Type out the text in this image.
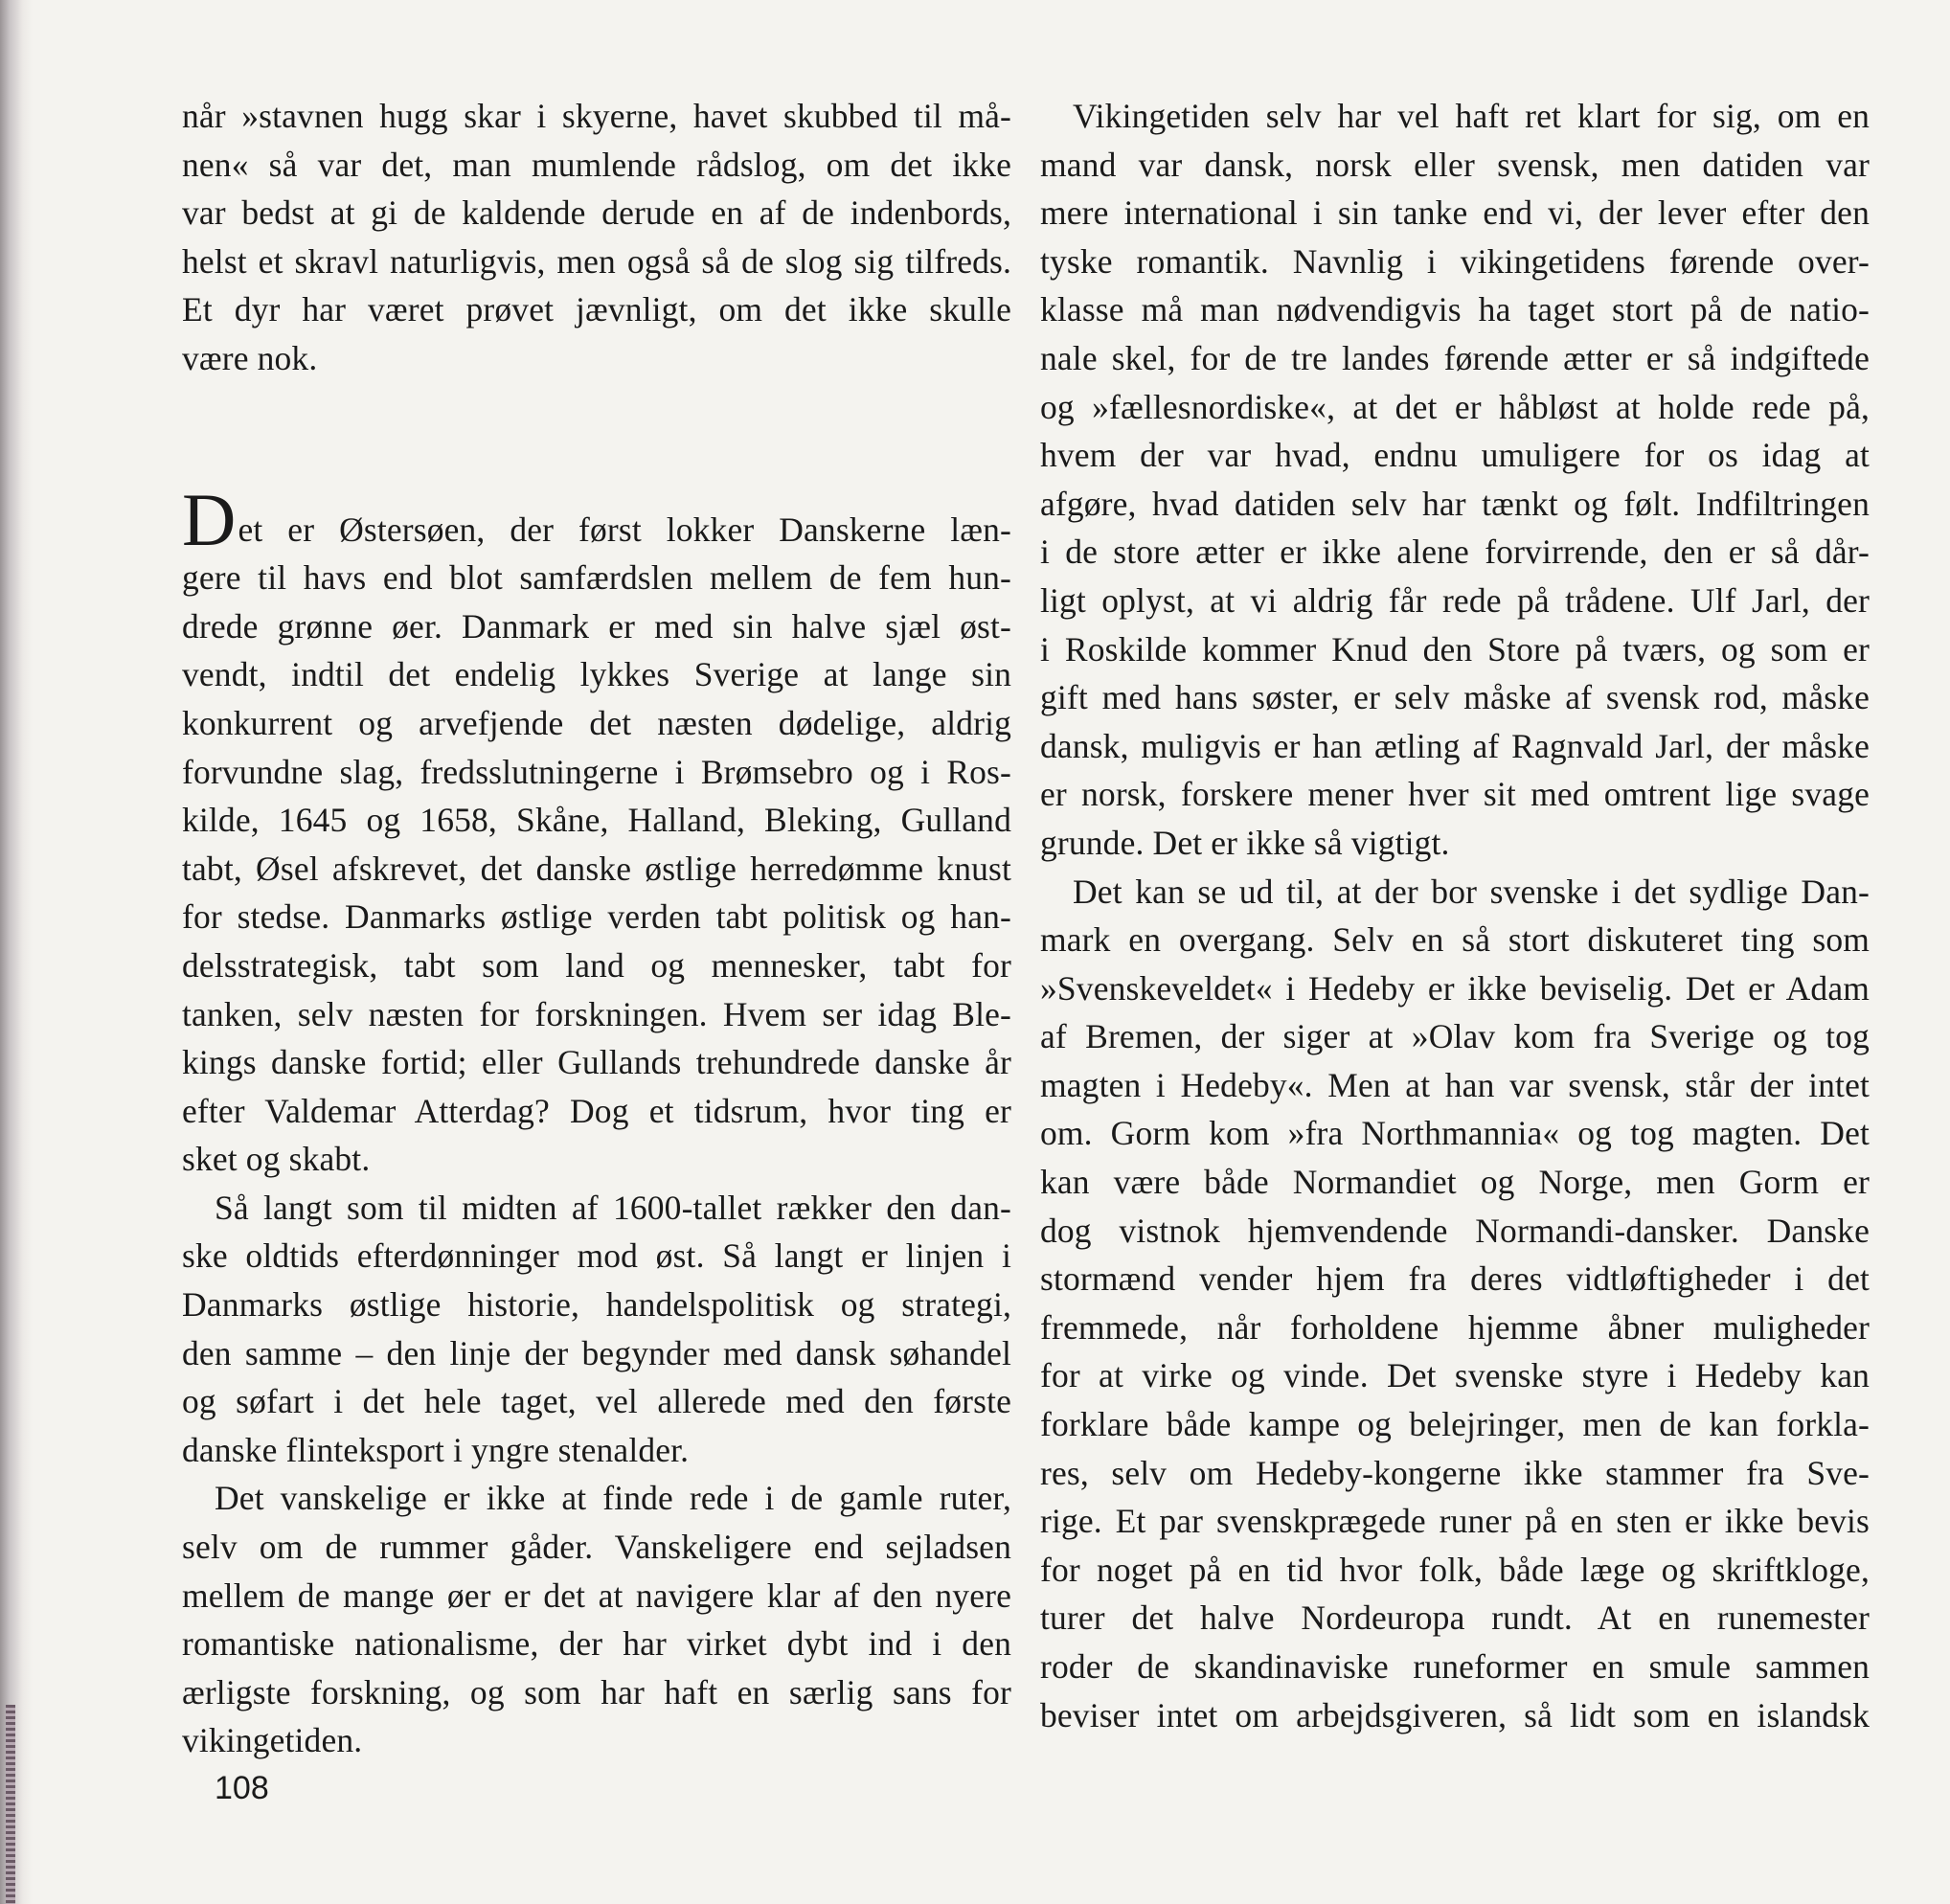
når »stavnen hugg skar i skyerne, havet skubbed til må-
nen« så var det, man mumlende rådslog, om det ikke
var bedst at gi de kaldende derude en af de indenbords,
helst et skravl naturligvis, men også så de slog sig tilfreds.
Et dyr har været prøvet jævnligt, om det ikke skulle
være nok.
Det er Østersøen, der først lokker Danskerne læn-
gere til havs end blot samfærdslen mellem de fem hun-
drede grønne øer. Danmark er med sin halve sjæl øst-
vendt, indtil det endelig lykkes Sverige at lange sin
konkurrent og arvefjende det næsten dødelige, aldrig
forvundne slag, fredsslutningerne i Brømsebro og i Ros-
kilde, 1645 og 1658, Skåne, Halland, Bleking, Gulland
tabt, Øsel afskrevet, det danske østlige herredømme knust
for stedse. Danmarks østlige verden tabt politisk og han-
delsstrategisk, tabt som land og mennesker, tabt for
tanken, selv næsten for forskningen. Hvem ser idag Ble-
kings danske fortid; eller Gullands trehundrede danske år
efter Valdemar Atterdag? Dog et tidsrum, hvor ting er
sket og skabt.
Så langt som til midten af 1600-tallet rækker den dan-
ske oldtids efterdønninger mod øst. Så langt er linjen i
Danmarks østlige historie, handelspolitisk og strategi,
den samme – den linje der begynder med dansk søhandel
og søfart i det hele taget, vel allerede med den første
danske flinteksport i yngre stenalder.
Det vanskelige er ikke at finde rede i de gamle ruter,
selv om de rummer gåder. Vanskeligere end sejladsen
mellem de mange øer er det at navigere klar af den nyere
romantiske nationalisme, der har virket dybt ind i den
ærligste forskning, og som har haft en særlig sans for
vikingetiden.
Vikingetiden selv har vel haft ret klart for sig, om en
mand var dansk, norsk eller svensk, men datiden var
mere international i sin tanke end vi, der lever efter den
tyske romantik. Navnlig i vikingetidens førende over-
klasse må man nødvendigvis ha taget stort på de natio-
nale skel, for de tre landes førende ætter er så indgiftede
og »fællesnordiske«, at det er håbløst at holde rede på,
hvem der var hvad, endnu umuligere for os idag at
afgøre, hvad datiden selv har tænkt og følt. Indfiltringen
i de store ætter er ikke alene forvirrende, den er så dår-
ligt oplyst, at vi aldrig får rede på trådene. Ulf Jarl, der
i Roskilde kommer Knud den Store på tværs, og som er
gift med hans søster, er selv måske af svensk rod, måske
dansk, muligvis er han ætling af Ragnvald Jarl, der måske
er norsk, forskere mener hver sit med omtrent lige svage
grunde. Det er ikke så vigtigt.
Det kan se ud til, at der bor svenske i det sydlige Dan-
mark en overgang. Selv en så stort diskuteret ting som
»Svenskeveldet« i Hedeby er ikke beviselig. Det er Adam
af Bremen, der siger at »Olav kom fra Sverige og tog
magten i Hedeby«. Men at han var svensk, står der intet
om. Gorm kom »fra Northmannia« og tog magten. Det
kan være både Normandiet og Norge, men Gorm er
dog vistnok hjemvendende Normandi-dansker. Danske
stormænd vender hjem fra deres vidtløftigheder i det
fremmede, når forholdene hjemme åbner muligheder
for at virke og vinde. Det svenske styre i Hedeby kan
forklare både kampe og belejringer, men de kan forkla-
res, selv om Hedeby-kongerne ikke stammer fra Sve-
rige. Et par svenskprægede runer på en sten er ikke bevis
for noget på en tid hvor folk, både læge og skriftkloge,
turer det halve Nordeuropa rundt. At en runemester
roder de skandinaviske runeformer en smule sammen
beviser intet om arbejdsgiveren, så lidt som en islandsk
108
